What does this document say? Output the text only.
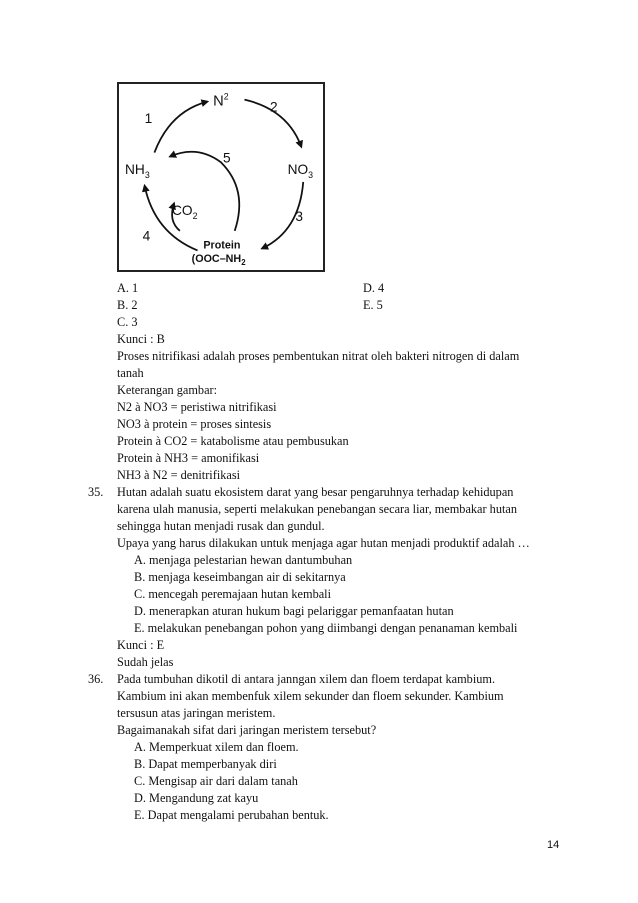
$N^2$
$NH_3$	$NO_3$
$CO_2$
Protein
($OOC-NH_2$
1
2
3
4
5
A. 1	D. 4
B. 2	E. 5
C. 3
Kunci : B
Proses nitrifikasi adalah proses pembentukan nitrat oleh bakteri nitrogen di dalam
tanah
Keterangan gambar:
N2 à NO3 = peristiwa nitrifikasi
NO3 à protein = proses sintesis
Protein à CO2 = katabolisme atau pembusukan
Protein à NH3 = amonifikasi
NH3 à N2 = denitrifikasi
35. Hutan adalah suatu ekosistem darat yang besar pengaruhnya terhadap kehidupan
karena ulah manusia, seperti melakukan penebangan secara liar, membakar hutan
sehingga hutan menjadi rusak dan gundul.
Upaya yang harus dilakukan untuk menjaga agar hutan menjadi produktif adalah …
A. menjaga pelestarian hewan dantumbuhan
B. menjaga keseimbangan air di sekitarnya
C. mencegah peremajaan hutan kembali
D. menerapkan aturan hukum bagi pelariggar pemanfaatan hutan
E. melakukan penebangan pohon yang diimbangi dengan penanaman kembali
Kunci : E
Sudah jelas
36. Pada tumbuhan dikotil di antara janngan xilem dan floem terdapat kambium.
Kambium ini akan membenfuk xilem sekunder dan floem sekunder. Kambium
tersusun atas jaringan meristem.
Bagaimanakah sifat dari jaringan meristem tersebut?
A. Memperkuat xilem dan floem.
B. Dapat memperbanyak diri
C. Mengisap air dari dalam tanah
D. Mengandung zat kayu
E. Dapat mengalami perubahan bentuk.
14
